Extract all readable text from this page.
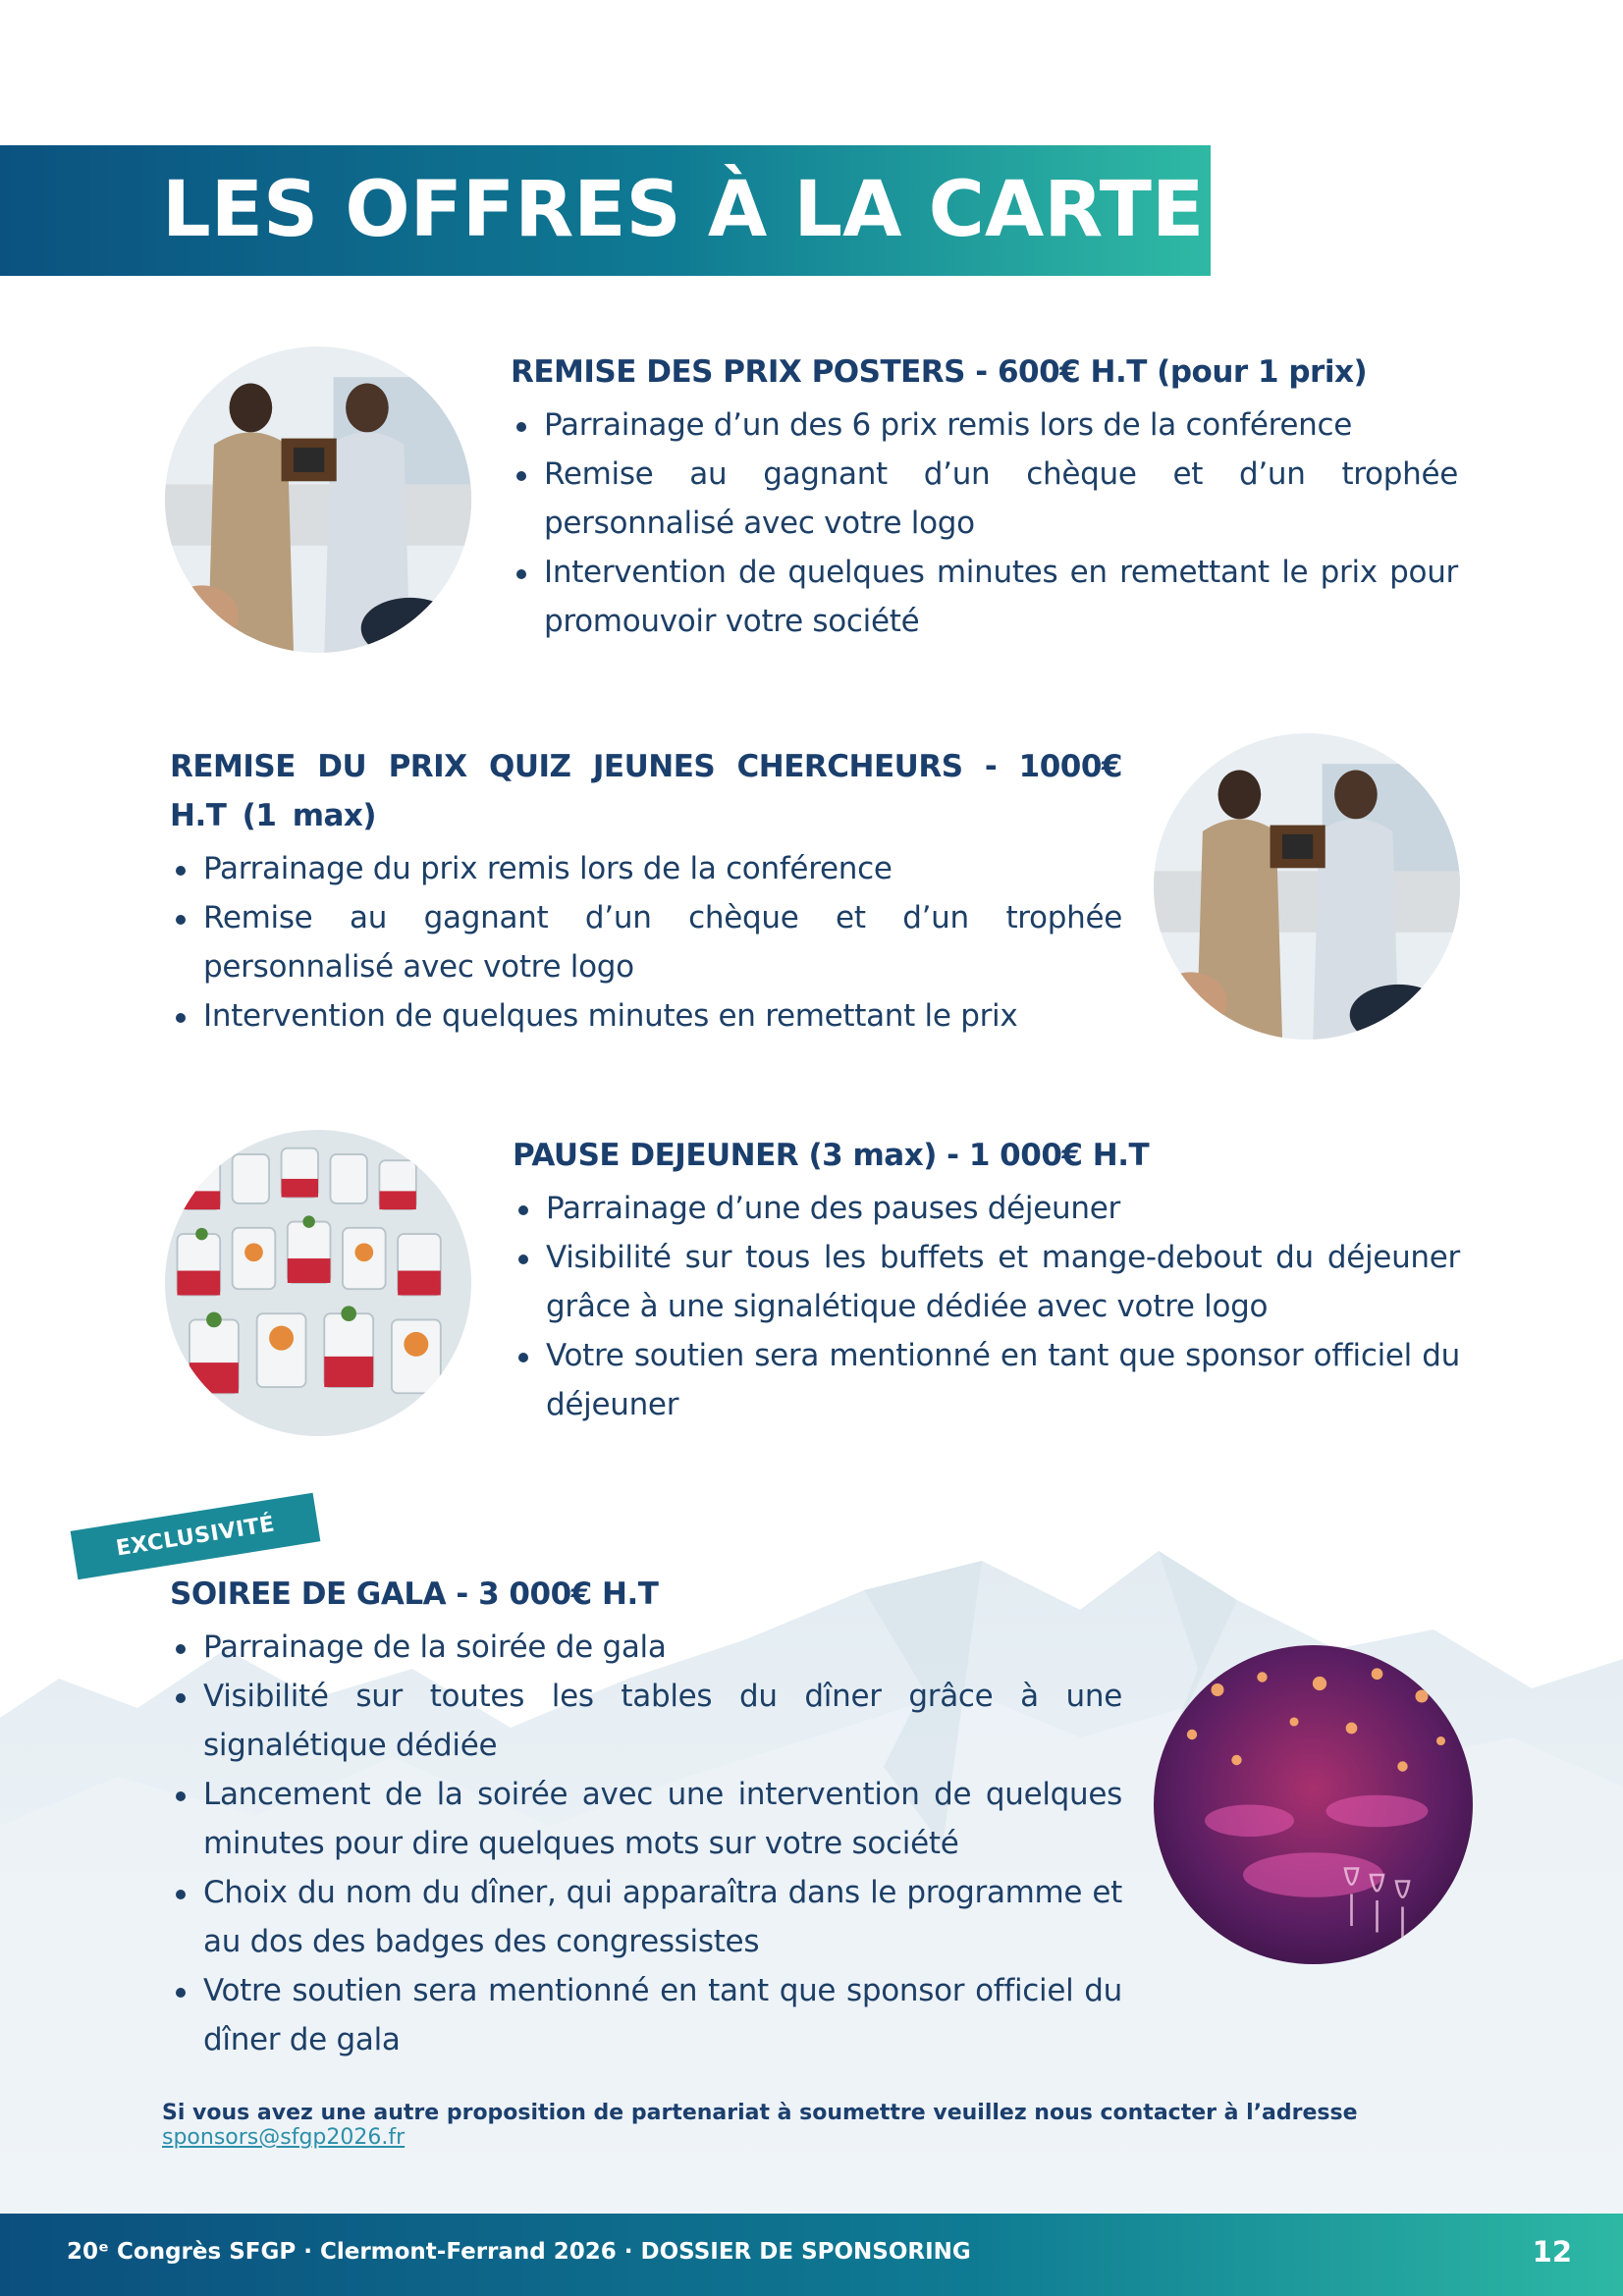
LES OFFRES À LA CARTE
REMISE DES PRIX POSTERS - 600€ H.T (pour 1 prix)
Parrainage d’un des 6 prix remis lors de la conférence
Remise au gagnant d’un chèque et d’un trophée personnalisé avec votre logo
Intervention de quelques minutes en remettant le prix pour promouvoir votre société
REMISE DU PRIX QUIZ JEUNES CHERCHEURS - 1000€ H.T (1 max)
Parrainage du prix remis lors de la conférence
Remise au gagnant d’un chèque et d’un trophée personnalisé avec votre logo
Intervention de quelques minutes en remettant le prix
PAUSE DEJEUNER (3 max) - 1 000€ H.T
Parrainage d’une des pauses déjeuner
Visibilité sur tous les buffets et mange-debout du déjeuner grâce à une signalétique dédiée avec votre logo
Votre soutien sera mentionné en tant que sponsor officiel du déjeuner
EXCLUSIVITÉ
SOIREE DE GALA - 3 000€ H.T
Parrainage de la soirée de gala
Visibilité sur toutes les tables du dîner grâce à une signalétique dédiée
Lancement de la soirée avec une intervention de quelques minutes pour dire quelques mots sur votre société
Choix du nom du dîner, qui apparaîtra dans le programme et au dos des badges des congressistes
Votre soutien sera mentionné en tant que sponsor officiel du dîner de gala
Si vous avez une autre proposition de partenariat à soumettre veuillez nous contacter à l’adresse
sponsors@sfgp2026.fr
20ᵉ Congrès SFGP · Clermont-Ferrand 2026 · DOSSIER DE SPONSORING	12
